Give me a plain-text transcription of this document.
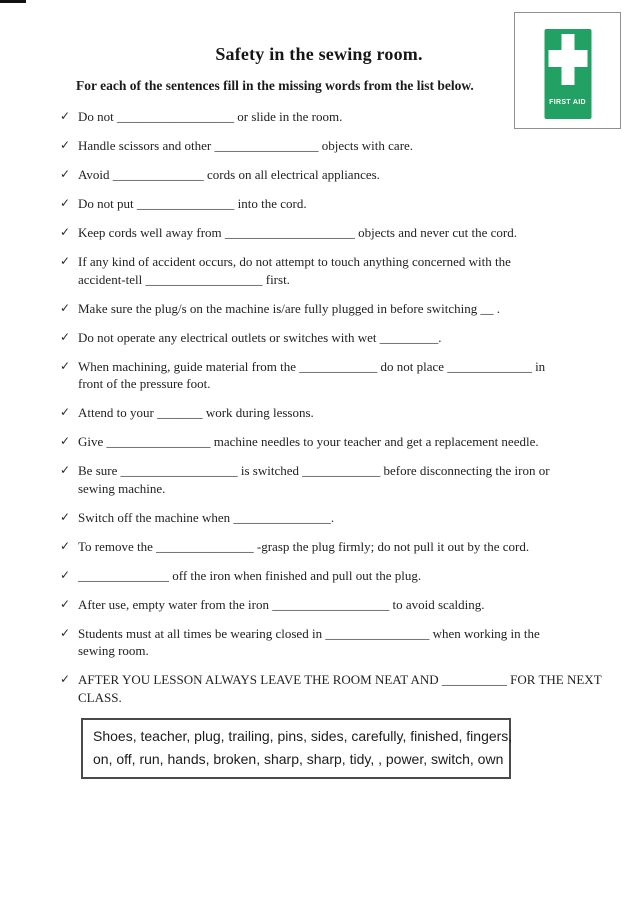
FIRST AID
Safety in the sewing room.
For each of the sentences fill in the missing words from the list below.
✓ Do not __________________ or slide in the room.
✓ Handle scissors and other ________________ objects with care.
✓ Avoid ______________ cords on all electrical appliances.
✓ Do not put _______________ into the cord.
✓ Keep cords well away from ____________________ objects and never cut the cord.
✓ If any kind of accident occurs, do not attempt to touch anything concerned with the
accident-tell __________________ first.
✓ Make sure the plug/s on the machine is/are fully plugged in before switching __ .
✓ Do not operate any electrical outlets or switches with wet _________.
✓ When machining, guide material from the ____________ do not place _____________ in
front of the pressure foot.
✓ Attend to your _______ work during lessons.
✓ Give ________________ machine needles to your teacher and get a replacement needle.
✓ Be sure __________________ is switched ____________ before disconnecting the iron or
sewing machine.
✓ Switch off the machine when _______________.
✓ To remove the _______________ -grasp the plug firmly; do not pull it out by the cord.
✓ ______________ off the iron when finished and pull out the plug.
✓ After use, empty water from the iron __________________ to avoid scalding.
✓ Students must at all times be wearing closed in ________________ when working in the
sewing room.
✓ AFTER YOU LESSON ALWAYS LEAVE THE ROOM NEAT AND __________ FOR THE NEXT
CLASS.
Shoes, teacher, plug, trailing, pins, sides, carefully, finished, fingers,
on, off, run, hands, broken, sharp, sharp, tidy, , power, switch, own
